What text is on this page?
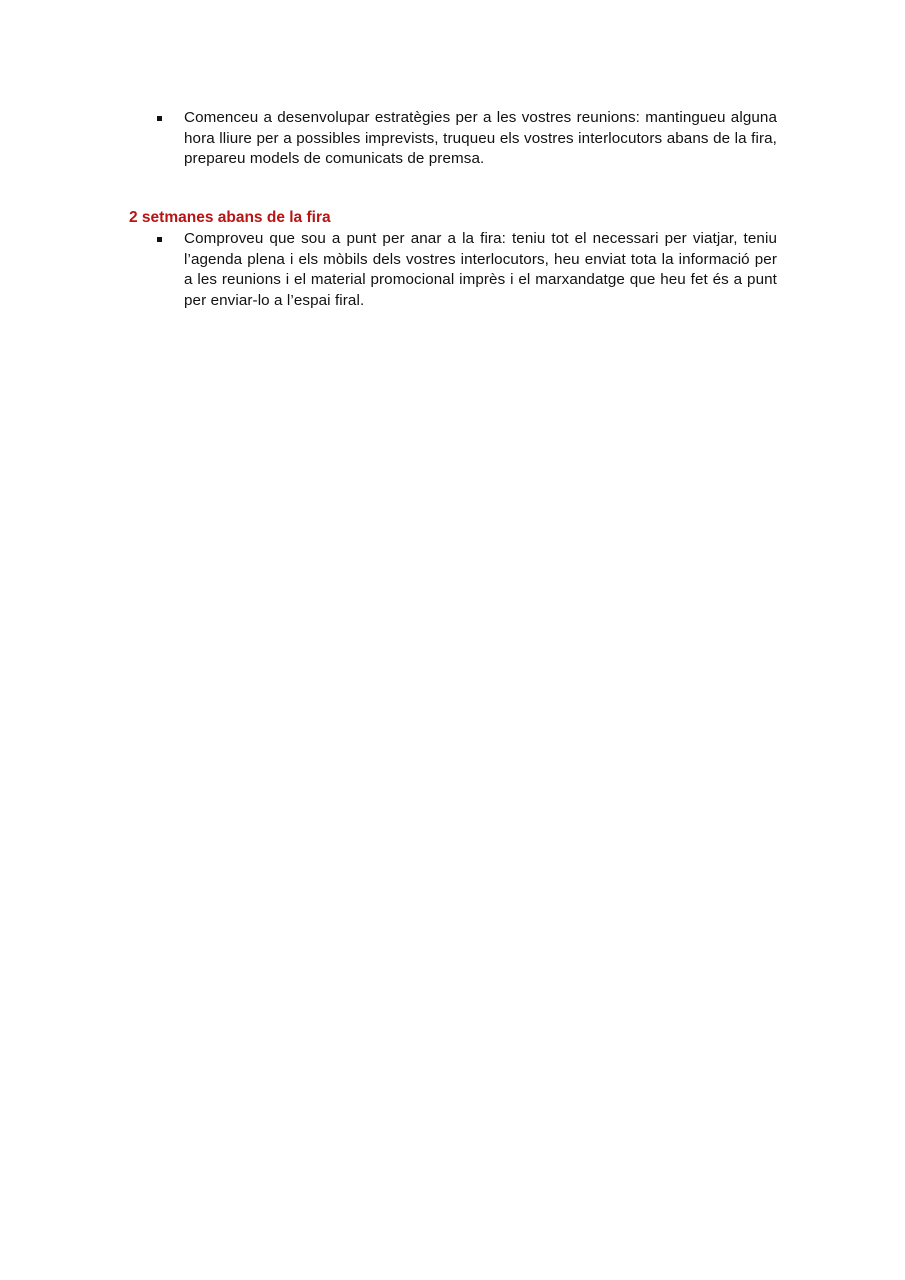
Comenceu a desenvolupar estratègies per a les vostres reunions: mantingueu alguna hora lliure per a possibles imprevists, truqueu els vostres interlocutors abans de la fira, prepareu models de comunicats de premsa.
2 setmanes abans de la fira
Comproveu que sou a punt per anar a la fira: teniu tot el necessari per viatjar, teniu l’agenda plena i els mòbils dels vostres interlocutors, heu enviat tota la informació per a les reunions i el material promocional imprès i el marxandatge que heu fet és a punt per enviar-lo a l’espai firal.
